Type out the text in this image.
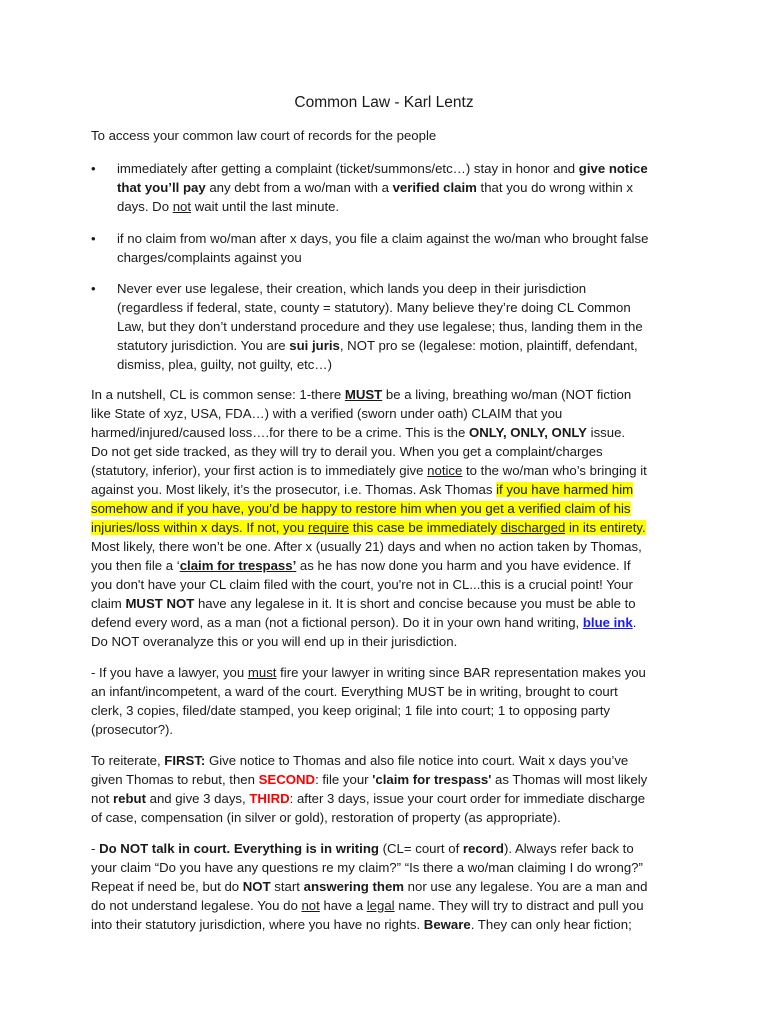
Common Law - Karl Lentz
To access your common law court of records for the people
• immediately after getting a complaint (ticket/summons/etc…) stay in honor and give notice
that you’ll pay any debt from a wo/man with a verified claim that you do wrong within x
days. Do not wait until the last minute.
• if no claim from wo/man after x days, you file a claim against the wo/man who brought false
charges/complaints against you
• Never ever use legalese, their creation, which lands you deep in their jurisdiction
(regardless if federal, state, county = statutory). Many believe they’re doing CL Common
Law, but they don’t understand procedure and they use legalese; thus, landing them in the
statutory jurisdiction. You are sui juris, NOT pro se (legalese: motion, plaintiff, defendant,
dismiss, plea, guilty, not guilty, etc…)
In a nutshell, CL is common sense: 1-there MUST be a living, breathing wo/man (NOT fiction
like State of xyz, USA, FDA…) with a verified (sworn under oath) CLAIM that you
harmed/injured/caused loss….for there to be a crime. This is the ONLY, ONLY, ONLY issue.
Do not get side tracked, as they will try to derail you. When you get a complaint/charges
(statutory, inferior), your first action is to immediately give notice to the wo/man who’s bringing it
against you. Most likely, it’s the prosecutor, i.e. Thomas. Ask Thomas if you have harmed him
somehow and if you have, you’d be happy to restore him when you get a verified claim of his
injuries/loss within x days. If not, you require this case be immediately discharged in its entirety.
Most likely, there won’t be one. After x (usually 21) days and when no action taken by Thomas,
you then file a ‘claim for trespass’ as he has now done you harm and you have evidence. If
you don't have your CL claim filed with the court, you're not in CL...this is a crucial point! Your
claim MUST NOT have any legalese in it. It is short and concise because you must be able to
defend every word, as a man (not a fictional person). Do it in your own hand writing, blue ink.
Do NOT overanalyze this or you will end up in their jurisdiction.
- If you have a lawyer, you must fire your lawyer in writing since BAR representation makes you
an infant/incompetent, a ward of the court. Everything MUST be in writing, brought to court
clerk, 3 copies, filed/date stamped, you keep original; 1 file into court; 1 to opposing party
(prosecutor?).
To reiterate, FIRST: Give notice to Thomas and also file notice into court. Wait x days you’ve
given Thomas to rebut, then SECOND: file your 'claim for trespass' as Thomas will most likely
not rebut and give 3 days, THIRD: after 3 days, issue your court order for immediate discharge
of case, compensation (in silver or gold), restoration of property (as appropriate).
- Do NOT talk in court. Everything is in writing (CL= court of record). Always refer back to
your claim “Do you have any questions re my claim?” “Is there a wo/man claiming I do wrong?”
Repeat if need be, but do NOT start answering them nor use any legalese. You are a man and
do not understand legalese. You do not have a legal name. They will try to distract and pull you
into their statutory jurisdiction, where you have no rights. Beware. They can only hear fiction;
